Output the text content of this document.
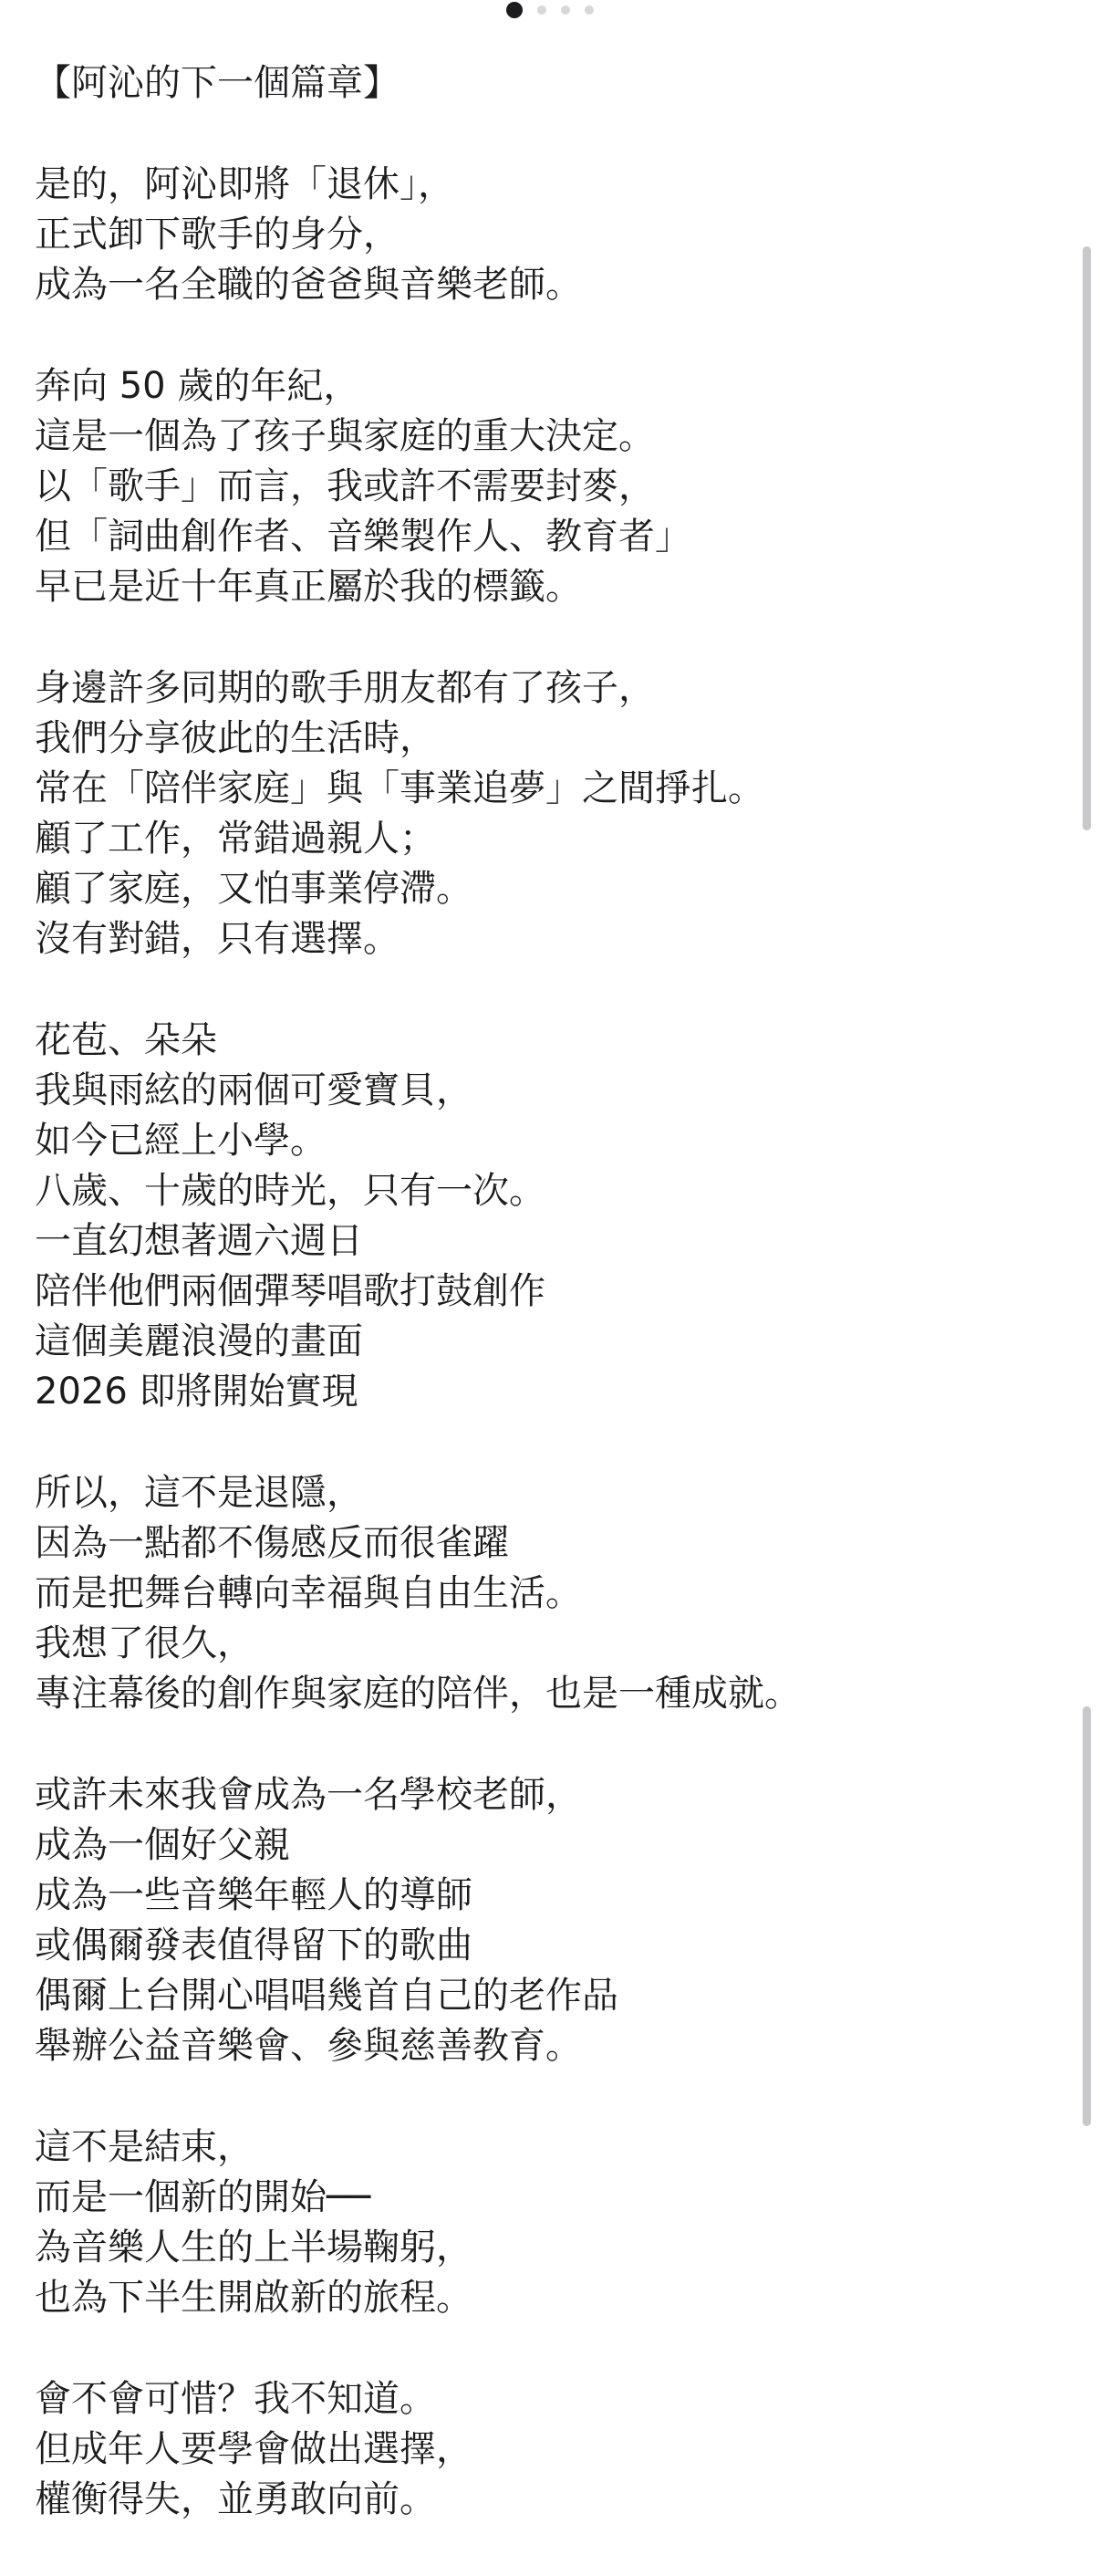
【阿沁的下一個篇章】
是的，阿沁即將「退休」，
正式卸下歌手的身分，
成為一名全職的爸爸與音樂老師。
奔向 50 歲的年紀，
這是一個為了孩子與家庭的重大決定。
以「歌手」而言，我或許不需要封麥，
但「詞曲創作者、音樂製作人、教育者」
早已是近十年真正屬於我的標籤。
身邊許多同期的歌手朋友都有了孩子，
我們分享彼此的生活時，
常在「陪伴家庭」與「事業追夢」之間掙扎。
顧了工作，常錯過親人；
顧了家庭，又怕事業停滯。
沒有對錯，只有選擇。
花苞、朵朵
我與雨絃的兩個可愛寶貝，
如今已經上小學。
八歲、十歲的時光，只有一次。
一直幻想著週六週日
陪伴他們兩個彈琴唱歌打鼓創作
這個美麗浪漫的畫面
2026 即將開始實現
所以，這不是退隱，
因為一點都不傷感反而很雀躍
而是把舞台轉向幸福與自由生活。
我想了很久，
專注幕後的創作與家庭的陪伴，也是一種成就。
或許未來我會成為一名學校老師，
成為一個好父親
成為一些音樂年輕人的導師
或偶爾發表值得留下的歌曲
偶爾上台開心唱唱幾首自己的老作品
舉辦公益音樂會、參與慈善教育。
這不是結束，
而是一個新的開始──
為音樂人生的上半場鞠躬，
也為下半生開啟新的旅程。
會不會可惜？我不知道。
但成年人要學會做出選擇，
權衡得失，並勇敢向前。
